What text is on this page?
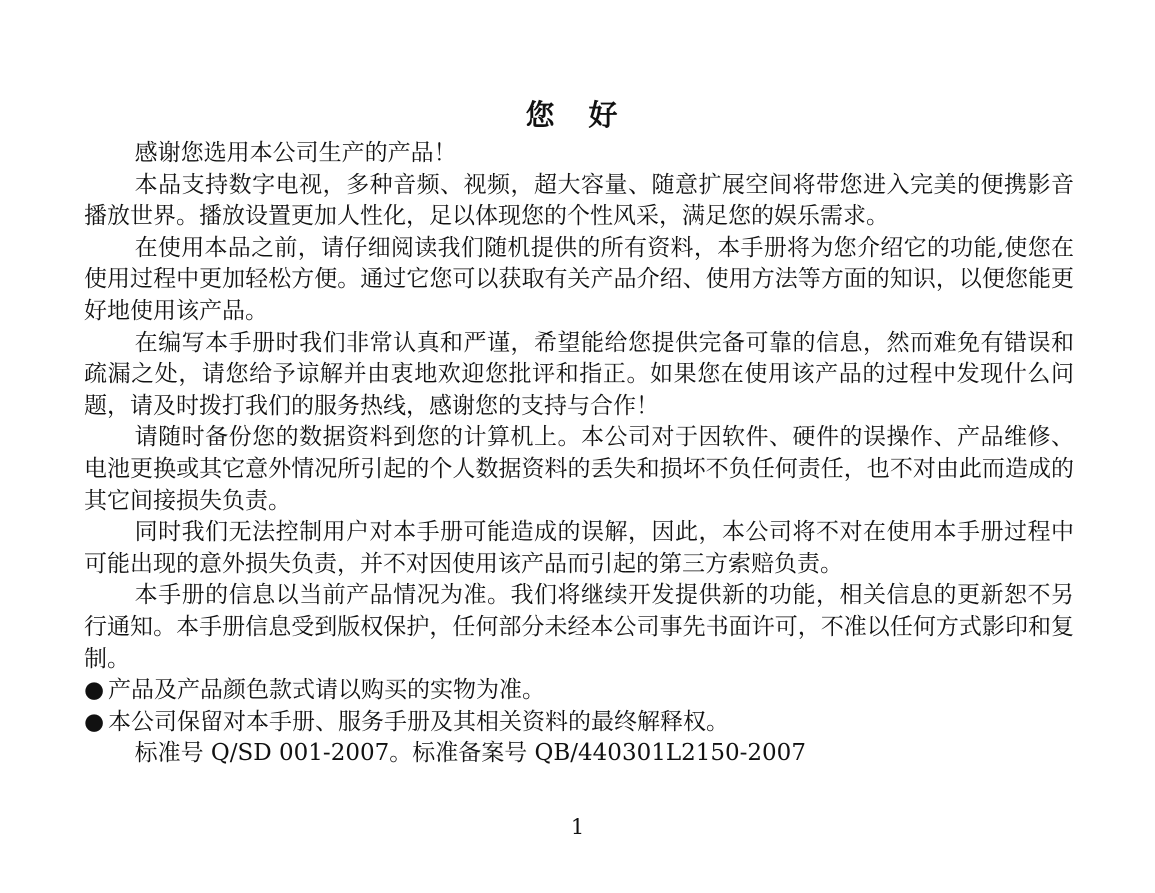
您 好

感谢您选用本公司生产的产品！

本品支持数字电视，多种音频、视频，超大容量、随意扩展空间将带您进入完美的便携影音播放世界。播放设置更加人性化，足以体现您的个性风采，满足您的娱乐需求。

在使用本品之前，请仔细阅读我们随机提供的所有资料，本手册将为您介绍它的功能,使您在使用过程中更加轻松方便。通过它您可以获取有关产品介绍、使用方法等方面的知识，以便您能更好地使用该产品。

在编写本手册时我们非常认真和严谨，希望能给您提供完备可靠的信息，然而难免有错误和疏漏之处，请您给予谅解并由衷地欢迎您批评和指正。如果您在使用该产品的过程中发现什么问题，请及时拨打我们的服务热线，感谢您的支持与合作！

请随时备份您的数据资料到您的计算机上。本公司对于因软件、硬件的误操作、产品维修、电池更换或其它意外情况所引起的个人数据资料的丢失和损坏不负任何责任，也不对由此而造成的其它间接损失负责。

同时我们无法控制用户对本手册可能造成的误解，因此，本公司将不对在使用本手册过程中可能出现的意外损失负责，并不对因使用该产品而引起的第三方索赔负责。

本手册的信息以当前产品情况为准。我们将继续开发提供新的功能，相关信息的更新恕不另行通知。本手册信息受到版权保护，任何部分未经本公司事先书面许可，不准以任何方式影印和复制。

● 产品及产品颜色款式请以购买的实物为准。

● 本公司保留对本手册、服务手册及其相关资料的最终解释权。

标准号 Q/SD 001-2007。标准备案号 QB/440301L2150-2007

1
